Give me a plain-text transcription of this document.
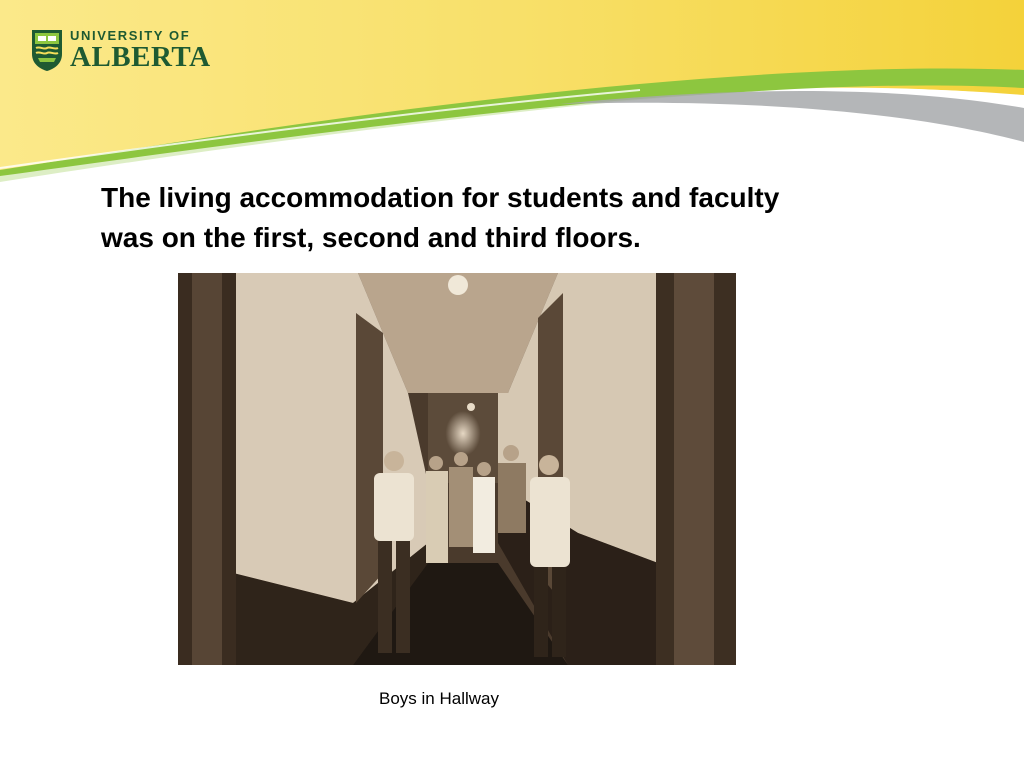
UNIVERSITY OF
ALBERTA
The living accommodation for students and faculty
was on the first, second and third floors.
Boys in Hallway
